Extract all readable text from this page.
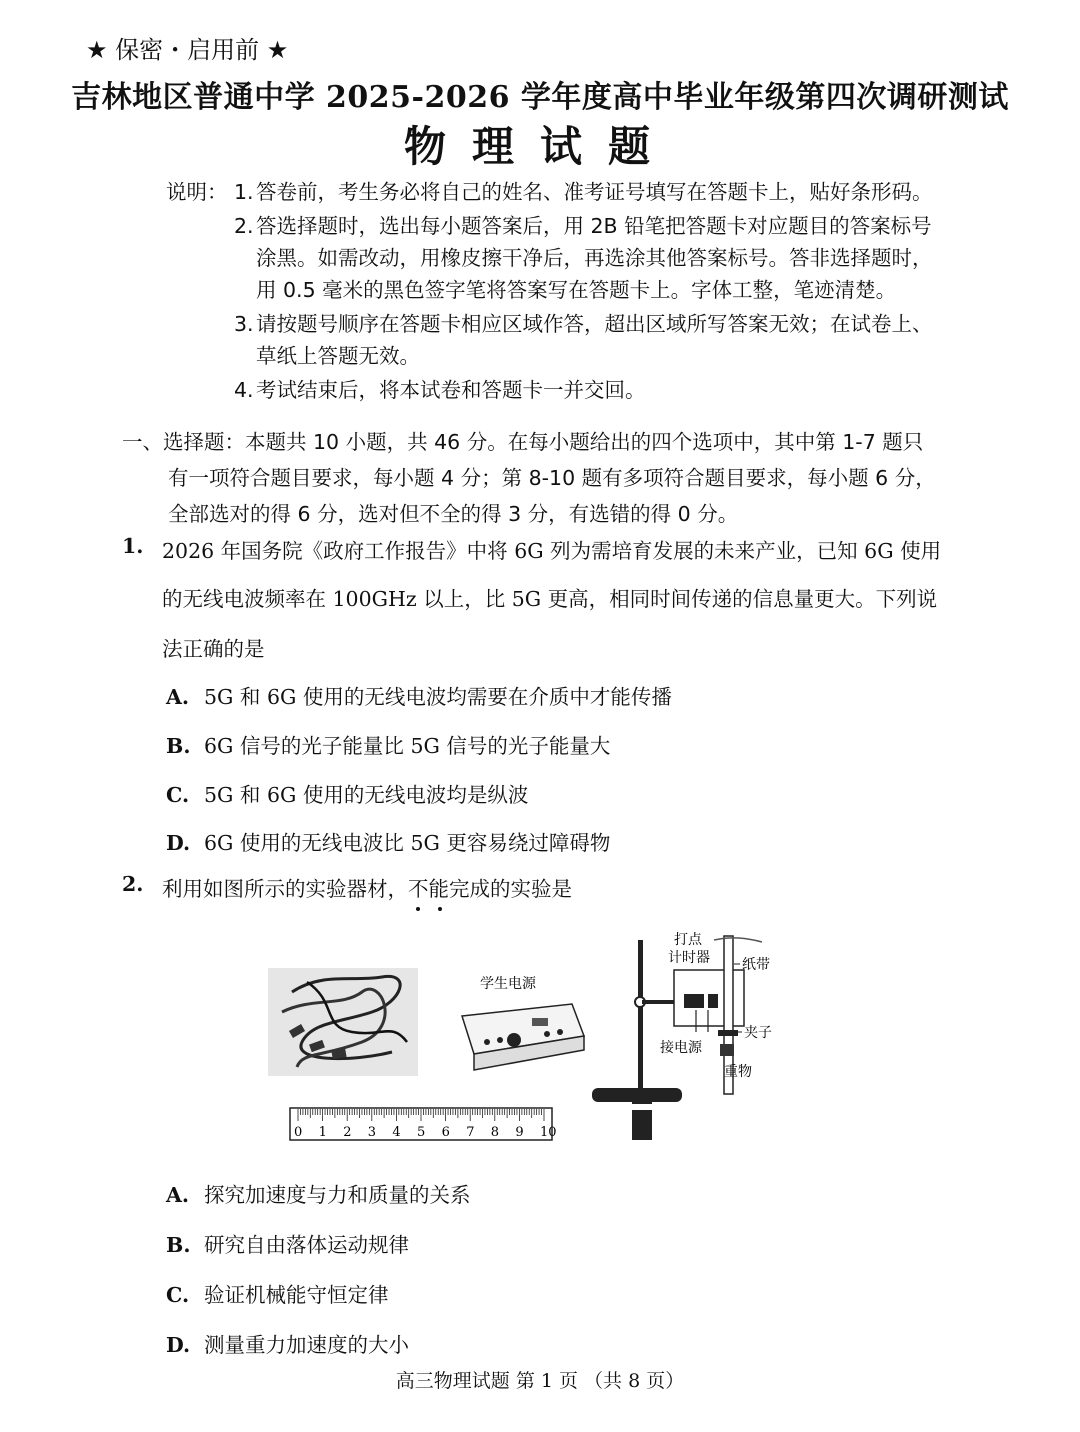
★ 保密・启用前 ★
吉林地区普通中学 2025-2026 学年度高中毕业年级第四次调研测试
物理试题
说明： 1. 答卷前，考生务必将自己的姓名、准考证号填写在答题卡上，贴好条形码。
2. 答选择题时，选出每小题答案后，用 2B 铅笔把答题卡对应题目的答案标号
涂黑。如需改动，用橡皮擦干净后，再选涂其他答案标号。答非选择题时，
用 0.5 毫米的黑色签字笔将答案写在答题卡上。字体工整，笔迹清楚。
3. 请按题号顺序在答题卡相应区域作答，超出区域所写答案无效；在试卷上、
草纸上答题无效。
4. 考试结束后，将本试卷和答题卡一并交回。
一、选择题：本题共 10 小题，共 46 分。在每小题给出的四个选项中，其中第 1-7 题只
有一项符合题目要求，每小题 4 分；第 8-10 题有多项符合题目要求，每小题 6 分，
全部选对的得 6 分，选对但不全的得 3 分，有选错的得 0 分。
1. 2026 年国务院《政府工作报告》中将 6G 列为需培育发展的未来产业，已知 6G 使用
的无线电波频率在 100GHz 以上，比 5G 更高，相同时间传递的信息量更大。下列说
法正确的是
A. 5G 和 6G 使用的无线电波均需要在介质中才能传播
B. 6G 信号的光子能量比 5G 信号的光子能量大
C. 5G 和 6G 使用的无线电波均是纵波
D. 6G 使用的无线电波比 5G 更容易绕过障碍物
2. 利用如图所示的实验器材，不能
完成的实验是
学生电源
0 1 2 3 4 5 6 7 8 9 10
打点
计时器 纸带
夹子
接电源
重物
A. 探究加速度与力和质量的关系
B. 研究自由落体运动规律
C. 验证机械能守恒定律
D. 测量重力加速度的大小
高三物理试题 第 1 页 （共 8 页）
